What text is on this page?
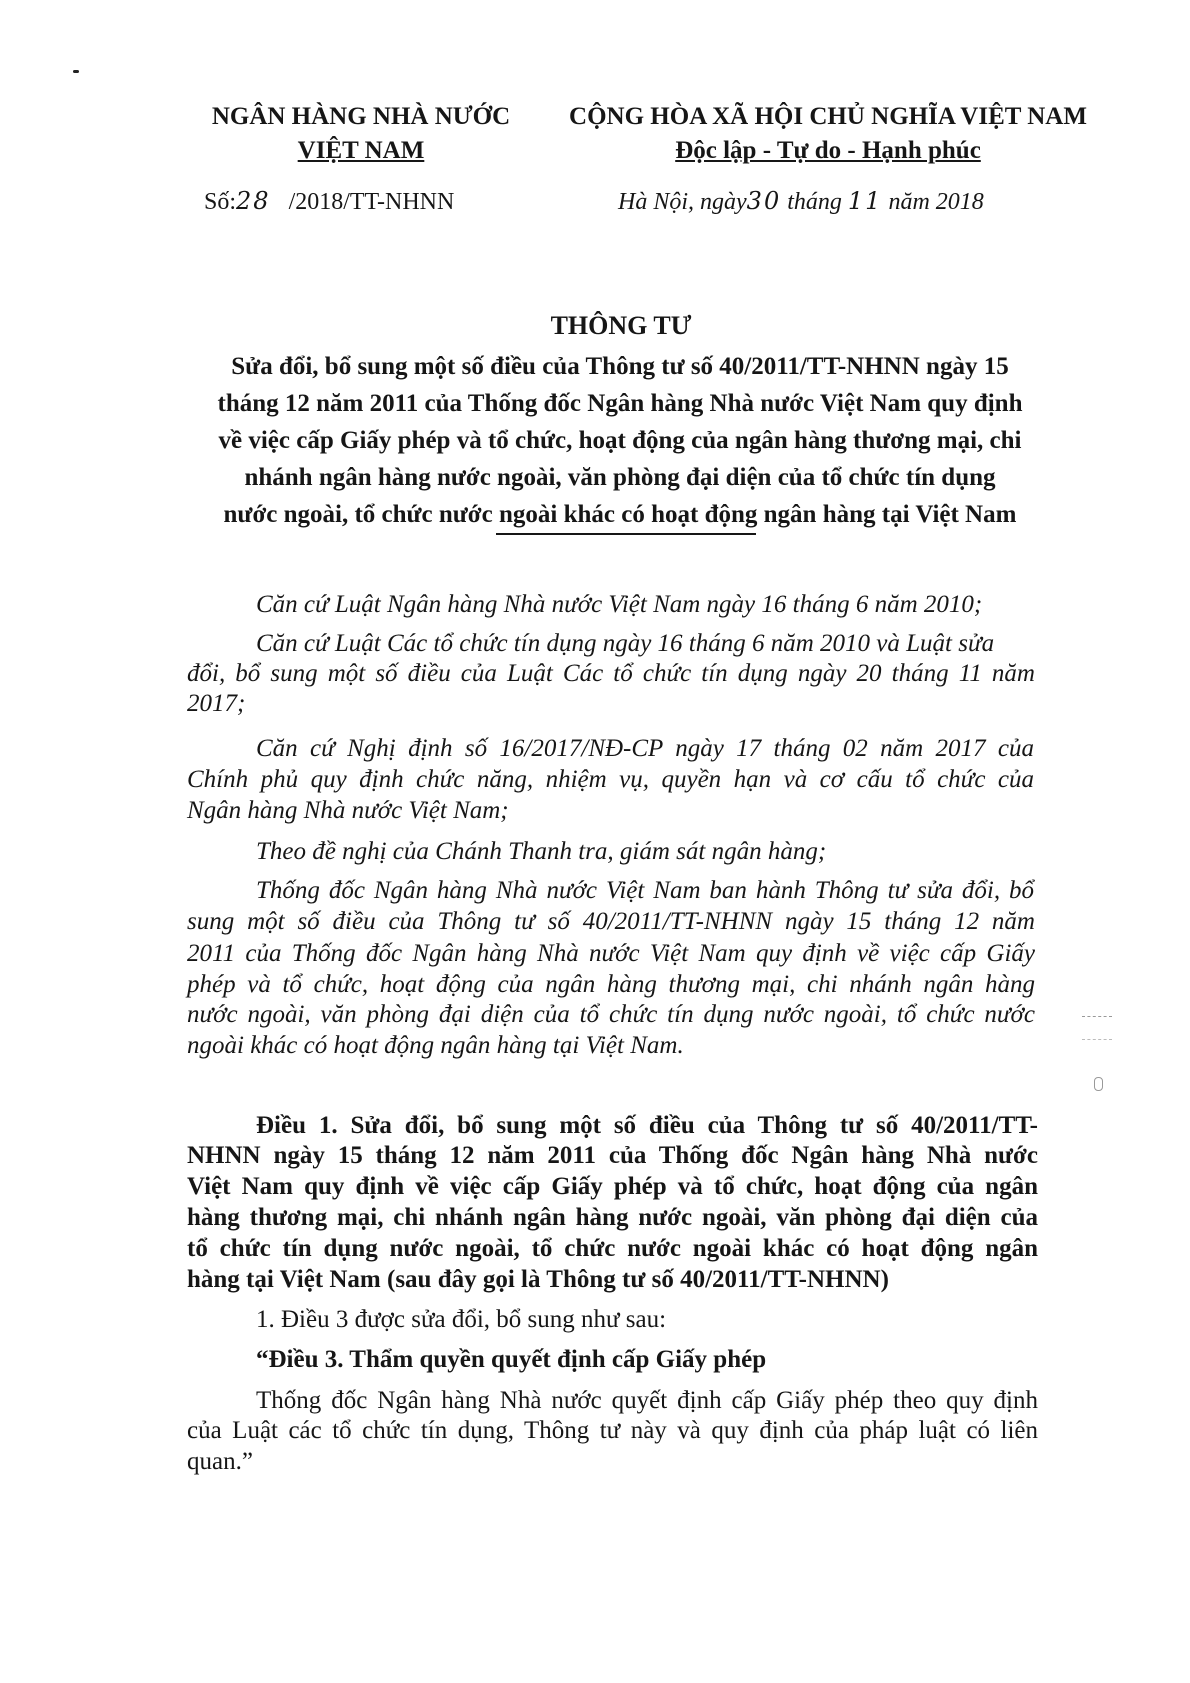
NGÂN HÀNG NHÀ NƯỚC
VIỆT NAM
CỘNG HÒA XÃ HỘI CHỦ NGHĨA VIỆT NAM
Độc lập - Tự do - Hạnh phúc
Số:28 /2018/TT-NHNN	Hà Nội, ngày30 tháng 11 năm 2018
THÔNG TƯ
Sửa đổi, bổ sung một số điều của Thông tư số 40/2011/TT-NHNN ngày 15
tháng 12 năm 2011 của Thống đốc Ngân hàng Nhà nước Việt Nam quy định
về việc cấp Giấy phép và tổ chức, hoạt động của ngân hàng thương mại, chi
nhánh ngân hàng nước ngoài, văn phòng đại diện của tổ chức tín dụng
nước ngoài, tổ chức nước ngoài khác có hoạt động ngân hàng tại Việt Nam
Căn cứ Luật Ngân hàng Nhà nước Việt Nam ngày 16 tháng 6 năm 2010;
Căn cứ Luật Các tổ chức tín dụng ngày 16 tháng 6 năm 2010 và Luật sửa
đổi, bổ sung một số điều của Luật Các tổ chức tín dụng ngày 20 tháng 11 năm
2017;
Căn cứ Nghị định số 16/2017/NĐ-CP ngày 17 tháng 02 năm 2017 của
Chính phủ quy định chức năng, nhiệm vụ, quyền hạn và cơ cấu tổ chức của
Ngân hàng Nhà nước Việt Nam;
Theo đề nghị của Chánh Thanh tra, giám sát ngân hàng;
Thống đốc Ngân hàng Nhà nước Việt Nam ban hành Thông tư sửa đổi, bổ
sung một số điều của Thông tư số 40/2011/TT-NHNN ngày 15 tháng 12 năm
2011 của Thống đốc Ngân hàng Nhà nước Việt Nam quy định về việc cấp Giấy
phép và tổ chức, hoạt động của ngân hàng thương mại, chi nhánh ngân hàng
nước ngoài, văn phòng đại diện của tổ chức tín dụng nước ngoài, tổ chức nước
ngoài khác có hoạt động ngân hàng tại Việt Nam.
Điều 1. Sửa đổi, bổ sung một số điều của Thông tư số 40/2011/TT-
NHNN ngày 15 tháng 12 năm 2011 của Thống đốc Ngân hàng Nhà nước
Việt Nam quy định về việc cấp Giấy phép và tổ chức, hoạt động của ngân
hàng thương mại, chi nhánh ngân hàng nước ngoài, văn phòng đại diện của
tổ chức tín dụng nước ngoài, tổ chức nước ngoài khác có hoạt động ngân
hàng tại Việt Nam (sau đây gọi là Thông tư số 40/2011/TT-NHNN)
1. Điều 3 được sửa đổi, bổ sung như sau:
“Điều 3. Thẩm quyền quyết định cấp Giấy phép
Thống đốc Ngân hàng Nhà nước quyết định cấp Giấy phép theo quy định
của Luật các tổ chức tín dụng, Thông tư này và quy định của pháp luật có liên
quan.”
